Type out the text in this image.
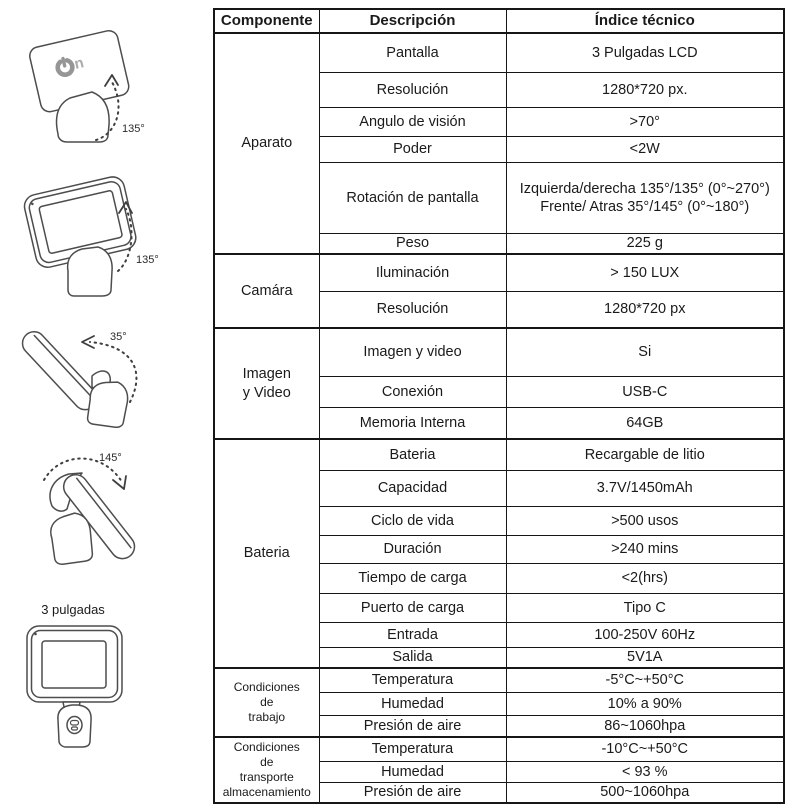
n
135°
135°
35°
145°
3 pulgadas
Componente	Descripción	Índice técnico
Aparato	Pantalla	3 Pulgadas LCD
	Resolución	1280*720 px.
	Angulo de visión	>70°
	Poder	<2W
	Rotación de pantalla	Izquierda/derecha 135°/135° (0°~270°)
Frente/ Atras 35°/145° (0°~180°)
	Peso	225 g
Camára	Iluminación	> 150 LUX
	Resolución	1280*720 px
Imagen
y Video	Imagen y video	Si
	Conexión	USB-C
	Memoria Interna	64GB
Bateria	Bateria	Recargable de litio
	Capacidad	3.7V/1450mAh
	Ciclo de vida	>500 usos
	Duración	>240 mins
	Tiempo de carga	<2(hrs)
	Puerto de carga	Tipo C
	Entrada	100-250V 60Hz
	Salida	5V1A
Condiciones
de
trabajo	Temperatura	-5°C~+50°C
	Humedad	10% a 90%
	Presión de aire	86~1060hpa
Condiciones
de
transporte
almacenamiento	Temperatura	-10°C~+50°C
	Humedad	< 93 %
	Presión de aire	500~1060hpa
